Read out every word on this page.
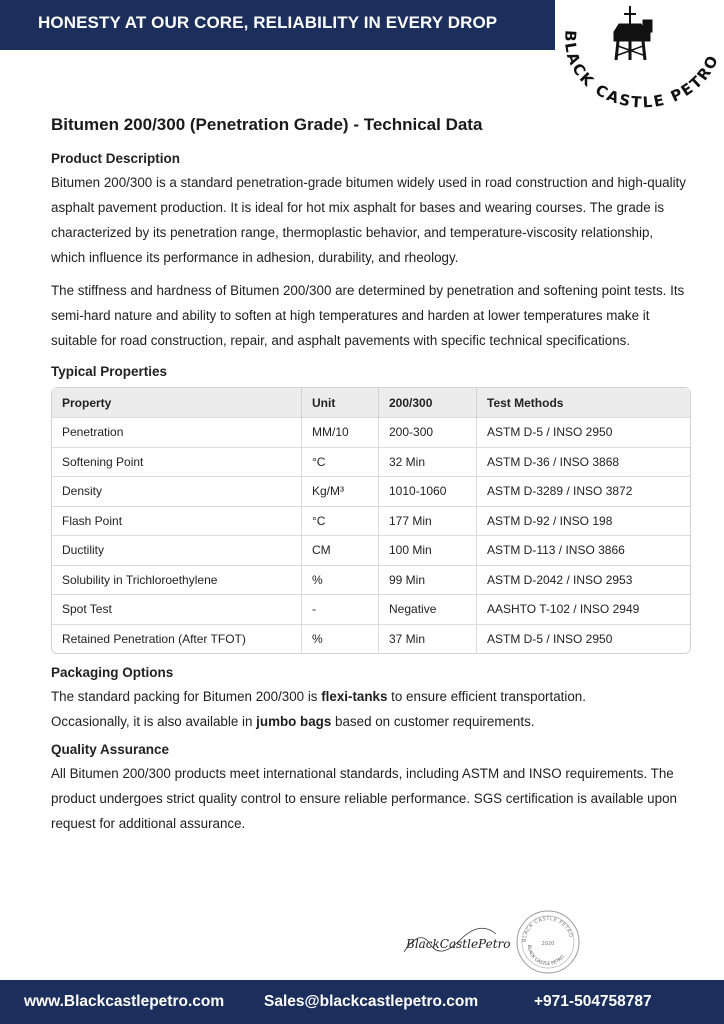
HONESTY AT OUR CORE, RELIABILITY IN EVERY DROP
BLACK CASTLE PETRO
Bitumen 200/300 (Penetration Grade) - Technical Data
Product Description

Bitumen 200/300 is a standard penetration-grade bitumen widely used in road construction and high-quality asphalt pavement production. It is ideal for hot mix asphalt for bases and wearing courses. The grade is characterized by its penetration range, thermoplastic behavior, and temperature-viscosity relationship, which influence its performance in adhesion, durability, and rheology.

The stiffness and hardness of Bitumen 200/300 are determined by penetration and softening point tests. Its semi-hard nature and ability to soften at high temperatures and harden at lower temperatures make it suitable for road construction, repair, and asphalt pavements with specific technical specifications.

Typical Properties
Property	Unit	200/300	Test Methods
Penetration	MM/10	200-300	ASTM D-5 / INSO 2950
Softening Point	°C	32 Min	ASTM D-36 / INSO 3868
Density	Kg/M³	1010-1060	ASTM D-3289 / INSO 3872
Flash Point	°C	177 Min	ASTM D-92 / INSO 198
Ductility	CM	100 Min	ASTM D-113 / INSO 3866
Solubility in Trichloroethylene	%	99 Min	ASTM D-2042 / INSO 2953
Spot Test	-	Negative	AASHTO T-102 / INSO 2949
Retained Penetration (After TFOT)	%	37 Min	ASTM D-5 / INSO 2950
Packaging Options

The standard packing for Bitumen 200/300 is flexi-tanks to ensure efficient transportation.
Occasionally, it is also available in jumbo bags based on customer requirements.

Quality Assurance

All Bitumen 200/300 products meet international standards, including ASTM and INSO requirements. The product undergoes strict quality control to ensure reliable performance. SGS certification is available upon request for additional assurance.

BlackCastlePetro BLACK CASTLE PETRO
2020
BLACK CASTLE PETRO
www.Blackcastlepetro.com	Sales@blackcastlepetro.com	+971-504758787
